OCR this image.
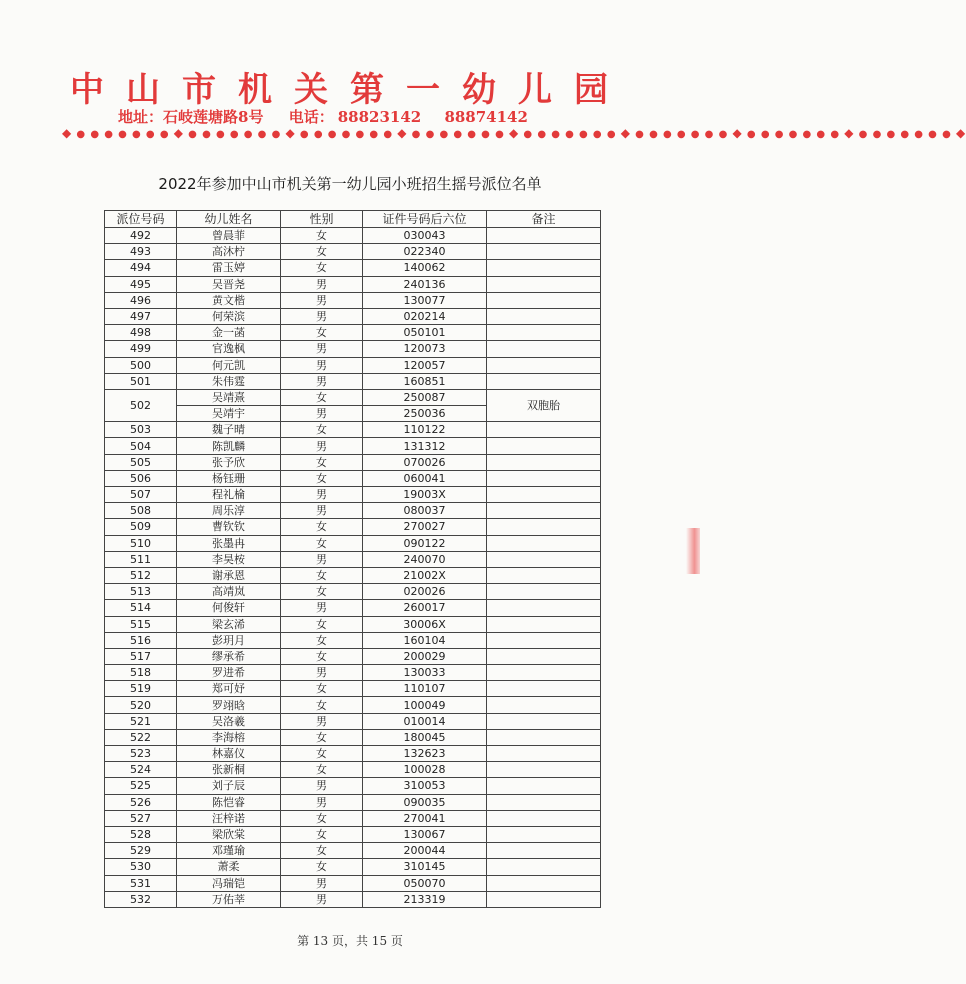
中山市机关第一幼儿园
地址：石岐莲塘路8号 电话： 88823142 88874142
◆ ● ● ● ● ● ● ● ◆ ● ● ● ● ● ● ● ◆ ● ● ● ● ● ● ● ◆ ● ● ● ● ● ● ● ◆ ● ● ● ● ● ● ● ◆ ● ● ● ● ● ● ● ◆ ● ● ● ● ● ● ● ◆ ● ● ● ● ● ● ● ◆
2022年参加中山市机关第一幼儿园小班招生摇号派位名单
派位号码	幼儿姓名	性别	证件号码后六位	备注
492	曾晨菲	女	030043	
493	高沐柠	女	022340	
494	雷玉婷	女	140062	
495	吴晋尧	男	240136	
496	黄文楷	男	130077	
497	何荣滨	男	020214	
498	金一菡	女	050101	
499	官逸枫	男	120073	
500	何元凯	男	120057	
501	朱伟霆	男	160851	
502	吴靖熹	女	250087	双胞胎
	吴靖宇	男	250036	
503	魏子晴	女	110122	
504	陈凯麟	男	131312	
505	张予欣	女	070026	
506	杨钰珊	女	060041	
507	程礼棆	男	19003X	
508	周乐淳	男	080037	
509	曹钦钦	女	270027	
510	张墨冉	女	090122	
511	李昊桉	男	240070	
512	谢承恩	女	21002X	
513	高靖岚	女	020026	
514	何俊轩	男	260017	
515	梁玄浠	女	30006X	
516	彭玥月	女	160104	
517	缪承希	女	200029	
518	罗进希	男	130033	
519	郑可妤	女	110107	
520	罗翊晗	女	100049	
521	吴洛羲	男	010014	
522	李海榕	女	180045	
523	林嘉仪	女	132623	
524	张新桐	女	100028	
525	刘子辰	男	310053	
526	陈恺睿	男	090035	
527	汪梓诺	女	270041	
528	梁欣棠	女	130067	
529	邓瑾瑜	女	200044	
530	萧柔	女	310145	
531	冯瑞铠	男	050070	
532	万佑莘	男	213319	
第 13 页，共 15 页
